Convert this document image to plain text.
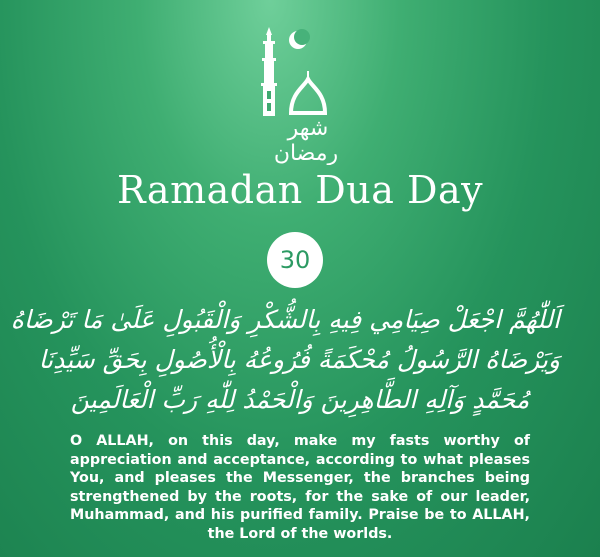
شهر
رمضان
Ramadan Dua Day
30
اَللّٰهُمَّ اجْعَلْ صِيَامِي فِيهِ بِالشُّكْرِ وَالْقَبُولِ عَلَىٰ مَا تَرْضَاهُ
وَيَرْضَاهُ الرَّسُولُ مُحْكَمَةً فُرُوعُهُ بِالْأُصُولِ بِحَقِّ سَيِّدِنَا
مُحَمَّدٍ وَآلِهِ الطَّاهِرِينَ وَالْحَمْدُ لِلّٰهِ رَبِّ الْعَالَمِينَ
O ALLAH, on this day, make my fasts worthy of appreciation and acceptance, according to what pleases You, and pleases the Messenger, the branches being strengthened by the roots, for the sake of our leader, Muhammad, and his purified family. Praise be to ALLAH, the Lord of the worlds.
